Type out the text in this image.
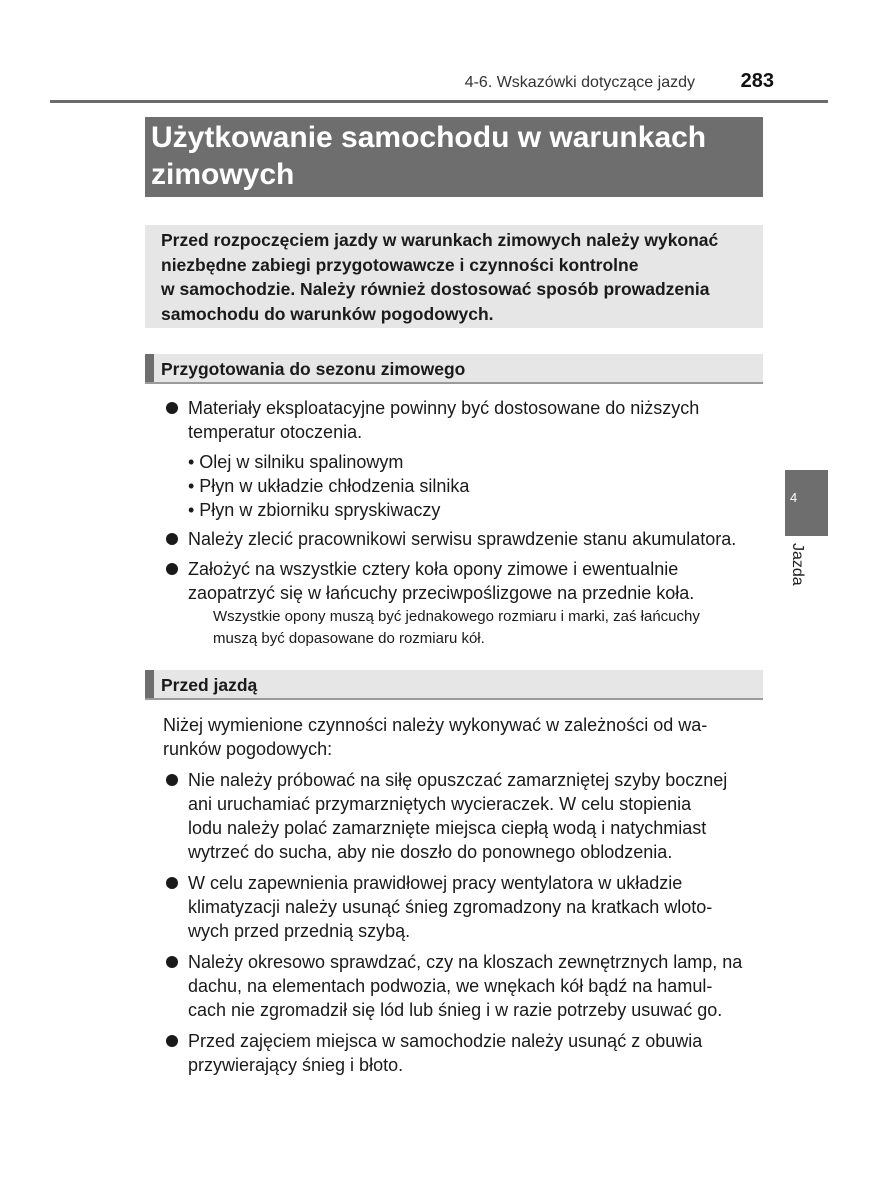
4-6. Wskazówki dotyczące jazdy 283
Użytkowanie samochodu w warunkach
zimowych

Przed rozpoczęciem jazdy w warunkach zimowych należy wykonać
niezbędne zabiegi przygotowawcze i czynności kontrolne
w samochodzie. Należy również dostosować sposób prowadzenia
samochodu do warunków pogodowych.

Przygotowania do sezonu zimowego
Materiały eksploatacyjne powinny być dostosowane do niższych
temperatur otoczenia.
• Olej w silniku spalinowym
• Płyn w układzie chłodzenia silnika
• Płyn w zbiorniku spryskiwaczy
Należy zlecić pracownikowi serwisu sprawdzenie stanu akumulatora.
Założyć na wszystkie cztery koła opony zimowe i ewentualnie
zaopatrzyć się w łańcuchy przeciwpoślizgowe na przednie koła.
Wszystkie opony muszą być jednakowego rozmiaru i marki, zaś łańcuchy
muszą być dopasowane do rozmiaru kół.
Przed jazdą
Niżej wymienione czynności należy wykonywać w zależności od wa-
runków pogodowych:
Nie należy próbować na siłę opuszczać zamarzniętej szyby bocznej
ani uruchamiać przymarzniętych wycieraczek. W celu stopienia
lodu należy polać zamarznięte miejsca ciepłą wodą i natychmiast
wytrzeć do sucha, aby nie doszło do ponownego oblodzenia.
W celu zapewnienia prawidłowej pracy wentylatora w układzie
klimatyzacji należy usunąć śnieg zgromadzony na kratkach wloto-
wych przed przednią szybą.
Należy okresowo sprawdzać, czy na kloszach zewnętrznych lamp, na
dachu, na elementach podwozia, we wnękach kół bądź na hamul-
cach nie zgromadził się lód lub śnieg i w razie potrzeby usuwać go.
Przed zajęciem miejsca w samochodzie należy usunąć z obuwia
przywierający śnieg i błoto.
4
Jazda
